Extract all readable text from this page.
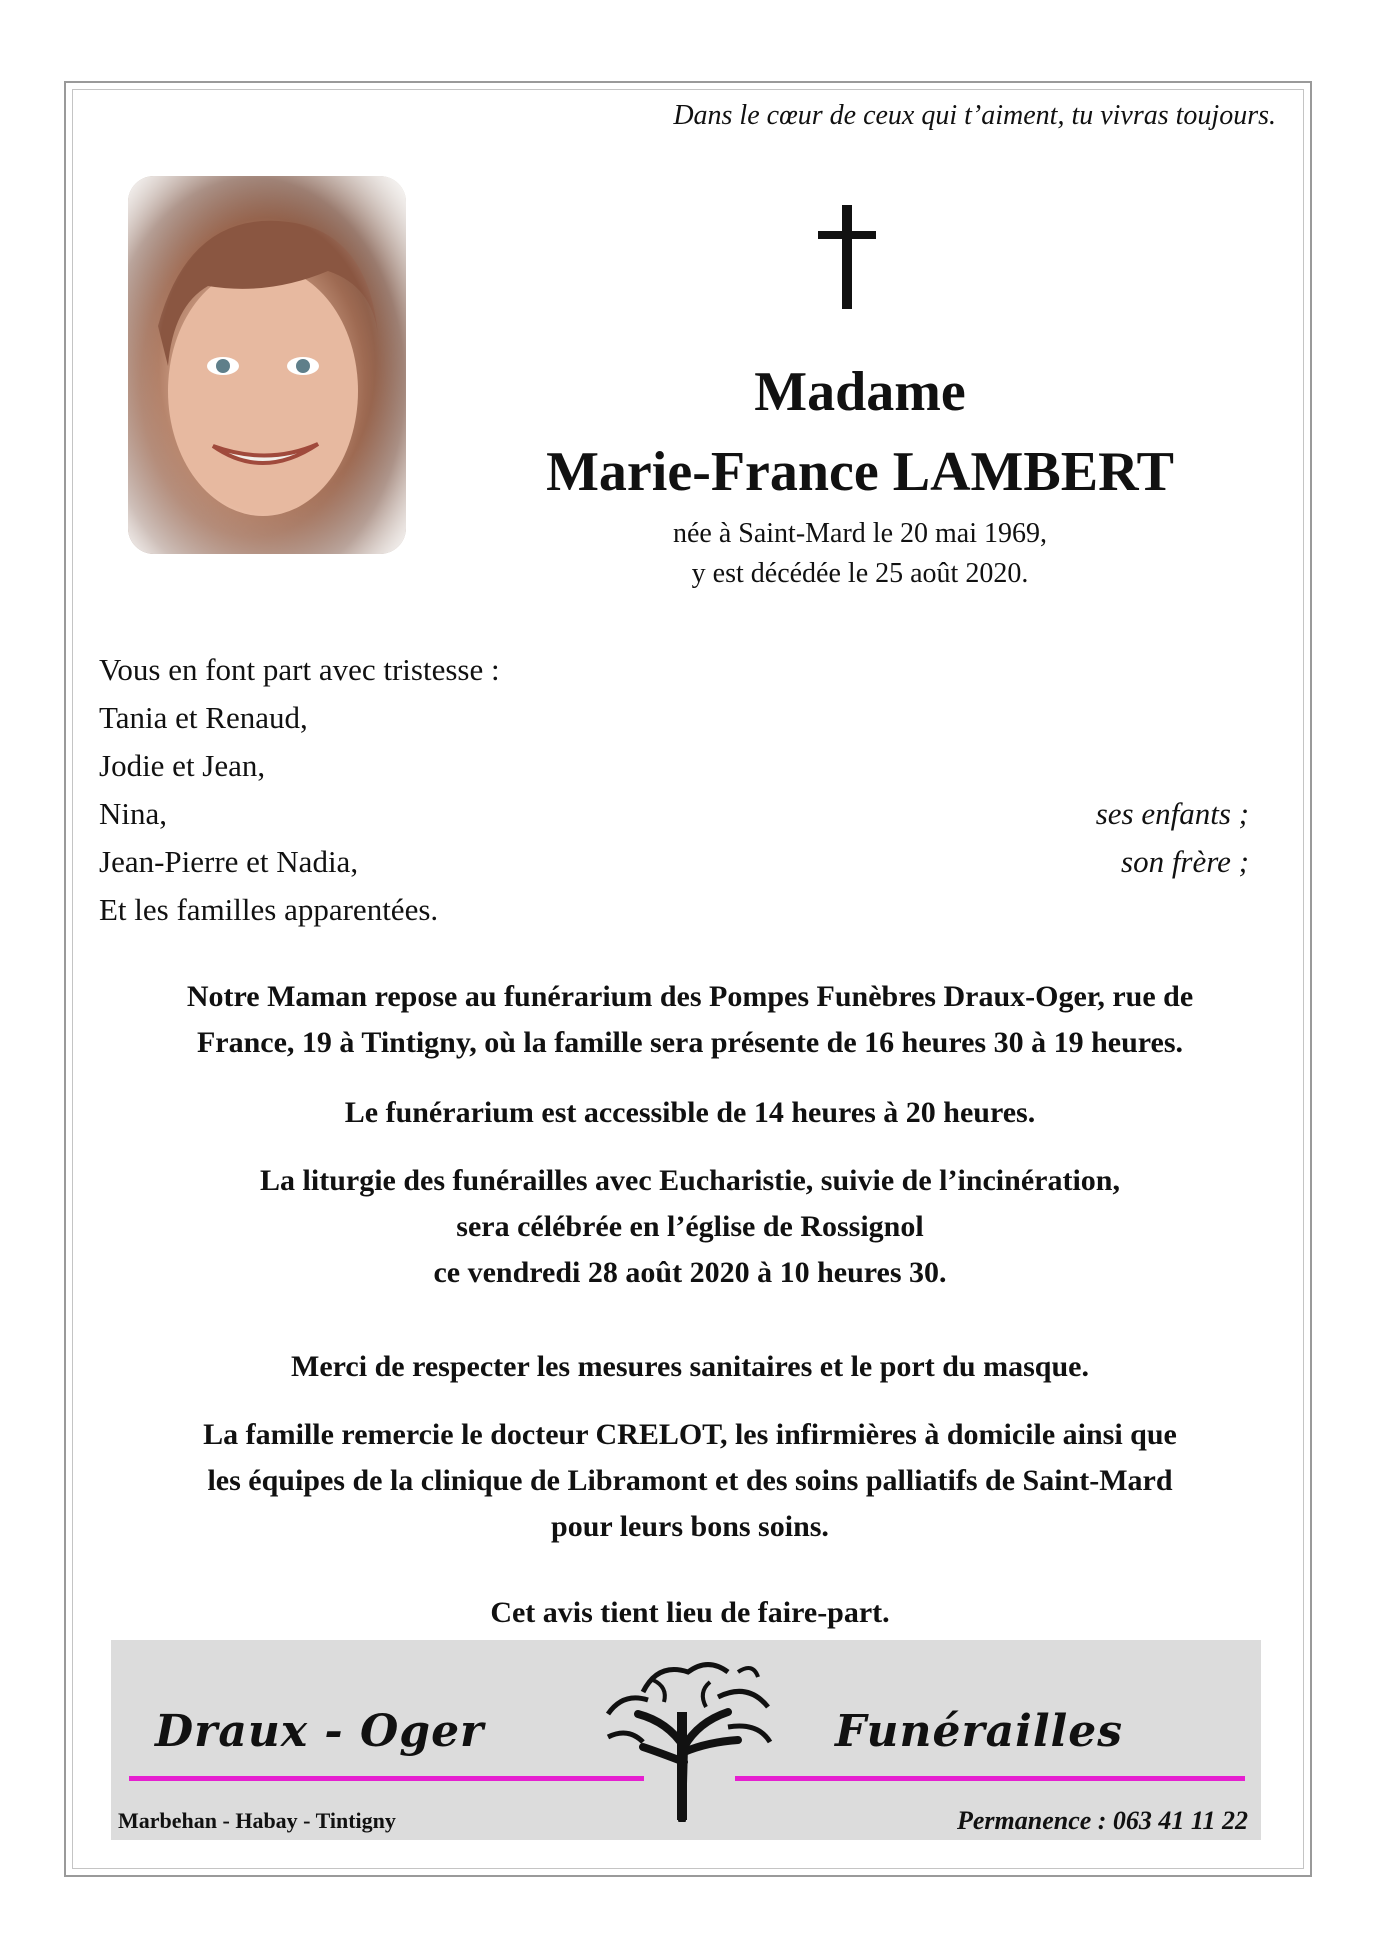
Dans le cœur de ceux qui t’aiment, tu vivras toujours.
Madame
Marie-France LAMBERT
née à Saint-Mard le 20 mai 1969,
y est décédée le 25 août 2020.
Vous en font part avec tristesse :
Tania et Renaud,
Jodie et Jean,
Nina,	ses enfants ;
Jean-Pierre et Nadia,	son frère ;
Et les familles apparentées.
Notre Maman repose au funérarium des Pompes Funèbres Draux-Oger, rue de
France, 19 à Tintigny, où la famille sera présente de 16 heures 30 à 19 heures.
Le funérarium est accessible de 14 heures à 20 heures.
La liturgie des funérailles avec Eucharistie, suivie de l’incinération,
sera célébrée en l’église de Rossignol
ce vendredi 28 août 2020 à 10 heures 30.
Merci de respecter les mesures sanitaires et le port du masque.
La famille remercie le docteur CRELOT, les infirmières à domicile ainsi que
les équipes de la clinique de Libramont et des soins palliatifs de Saint-Mard
pour leurs bons soins.
Cet avis tient lieu de faire-part.
Draux - Oger	Funérailles
Marbehan - Habay - Tintigny	Permanence : 063 41 11 22
